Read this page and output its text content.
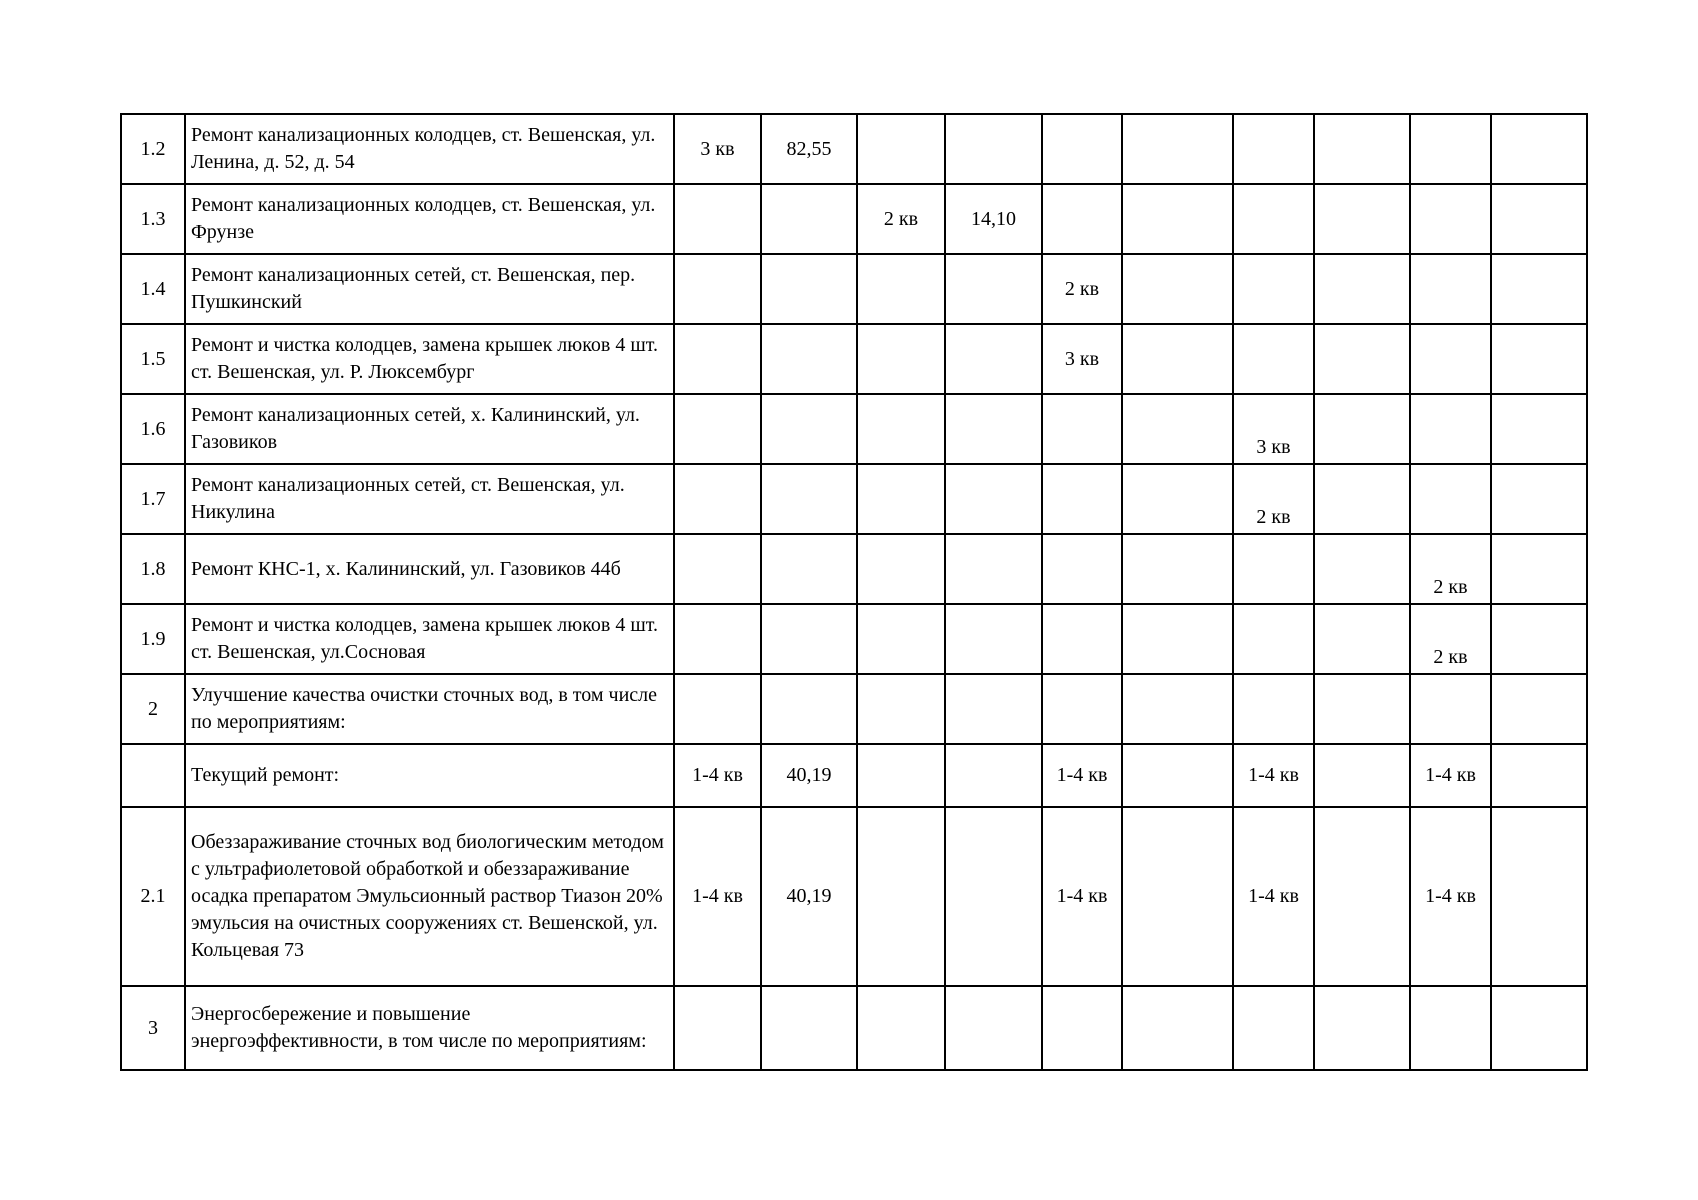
1.2	Ремонт канализационных колодцев, ст. Вешенская, ул. Ленина, д. 52, д. 54	3 кв	82,55								
1.3	Ремонт канализационных колодцев, ст. Вешенская, ул. Фрунзе			2 кв	14,10						
1.4	Ремонт канализационных сетей, ст. Вешенская, пер. Пушкинский					2 кв					
1.5	Ремонт и чистка колодцев, замена крышек люков 4 шт. ст. Вешенская, ул. Р. Люксембург					3 кв					
1.6	Ремонт канализационных сетей, х. Калининский, ул. Газовиков							3 кв			
1.7	Ремонт канализационных сетей, ст. Вешенская, ул. Никулина							2 кв			
1.8	Ремонт КНС-1, х. Калининский, ул. Газовиков 44б									2 кв	
1.9	Ремонт и чистка колодцев, замена крышек люков 4 шт. ст. Вешенская, ул.Сосновая									2 кв	
2	Улучшение качества очистки сточных вод, в том числе по мероприятиям:										
	Текущий ремонт:	1-4 кв	40,19			1-4 кв		1-4 кв		1-4 кв	
2.1	Обеззараживание сточных вод биологическим методом с ультрафиолетовой обработкой и обеззараживание осадка препаратом Эмульсионный раствор Тиазон 20% эмульсия на очистных сооружениях ст. Вешенской, ул. Кольцевая 73	1-4 кв	40,19			1-4 кв		1-4 кв		1-4 кв	
3	Энергосбережение и повышение энергоэффективности, в том числе по мероприятиям:										
